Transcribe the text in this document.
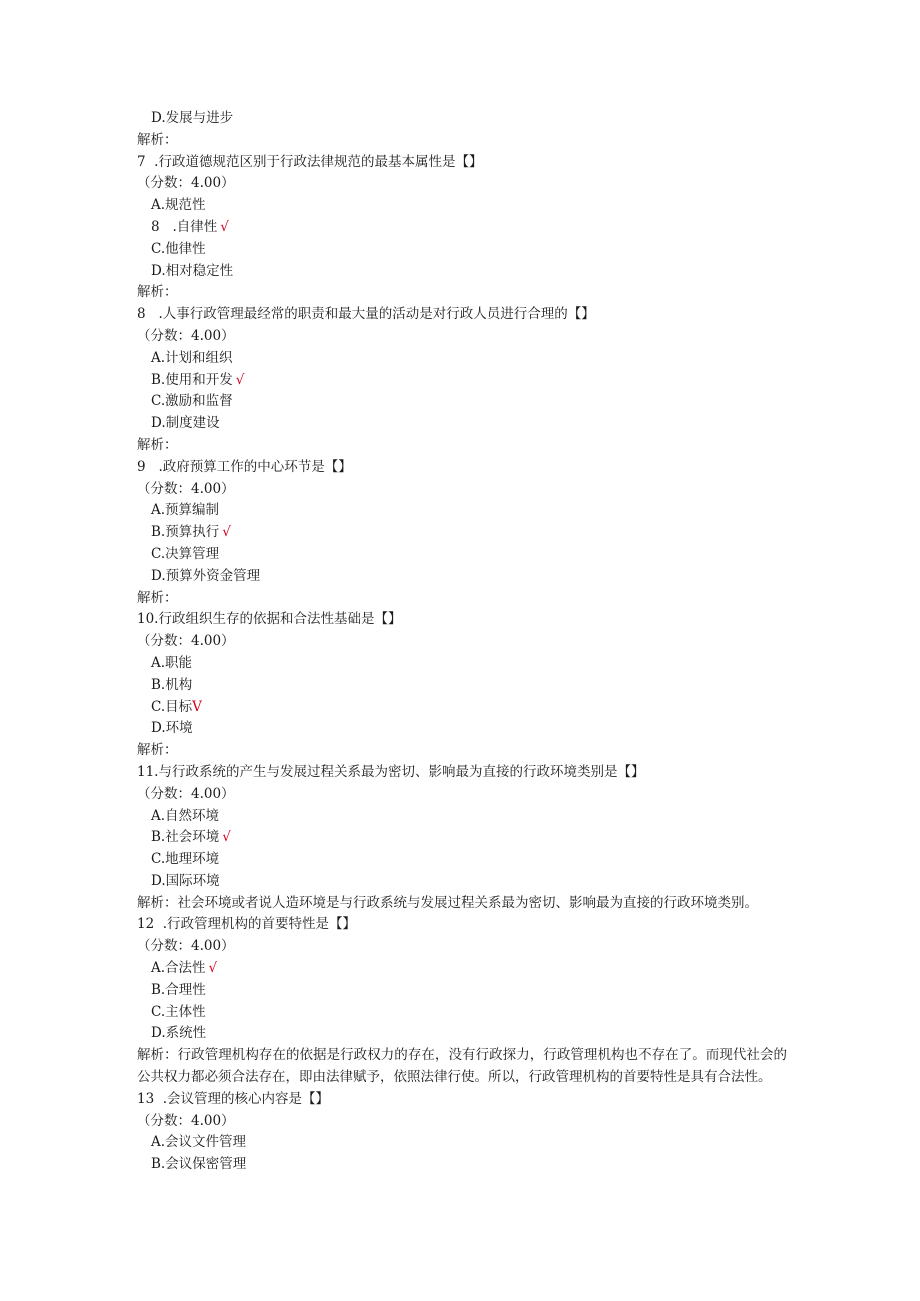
D.发展与进步
解析：
7  .行政道德规范区别于行政法律规范的最基本属性是【】
（分数：4.00）
A.规范性
8   .自律性 √
C.他律性
D.相对稳定性
解析：
8   .人事行政管理最经常的职责和最大量的活动是对行政人员进行合理的【】
（分数：4.00）
A.计划和组织
B.使用和开发 √
C.激励和监督
D.制度建设
解析：
9   .政府预算工作的中心环节是【】
（分数：4.00）
A.预算编制
B.预算执行 √
C.决算管理
D.预算外资金管理
解析：
10.行政组织生存的依据和合法性基础是【】
（分数：4.00）
A.职能
B.机构
C.目标V
D.环境
解析：
11.与行政系统的产生与发展过程关系最为密切、影响最为直接的行政环境类别是【】
（分数：4.00）
A.自然环境
B.社会环境 √
C.地理环境
D.国际环境
解析：社会环境或者说人造环境是与行政系统与发展过程关系最为密切、影响最为直接的行政环境类别。
12  .行政管理机构的首要特性是【】
（分数：4.00）
A.合法性 √
B.合理性
C.主体性
D.系统性
解析：行政管理机构存在的依据是行政权力的存在，没有行政探力，行政管理机构也不存在了。而现代社会的公共权力都必须合法存在，即由法律赋予，依照法律行使。所以，行政管理机构的首要特性是具有合法性。
13  .会议管理的核心内容是【】
（分数：4.00）
A.会议文件管理
B.会议保密管理
